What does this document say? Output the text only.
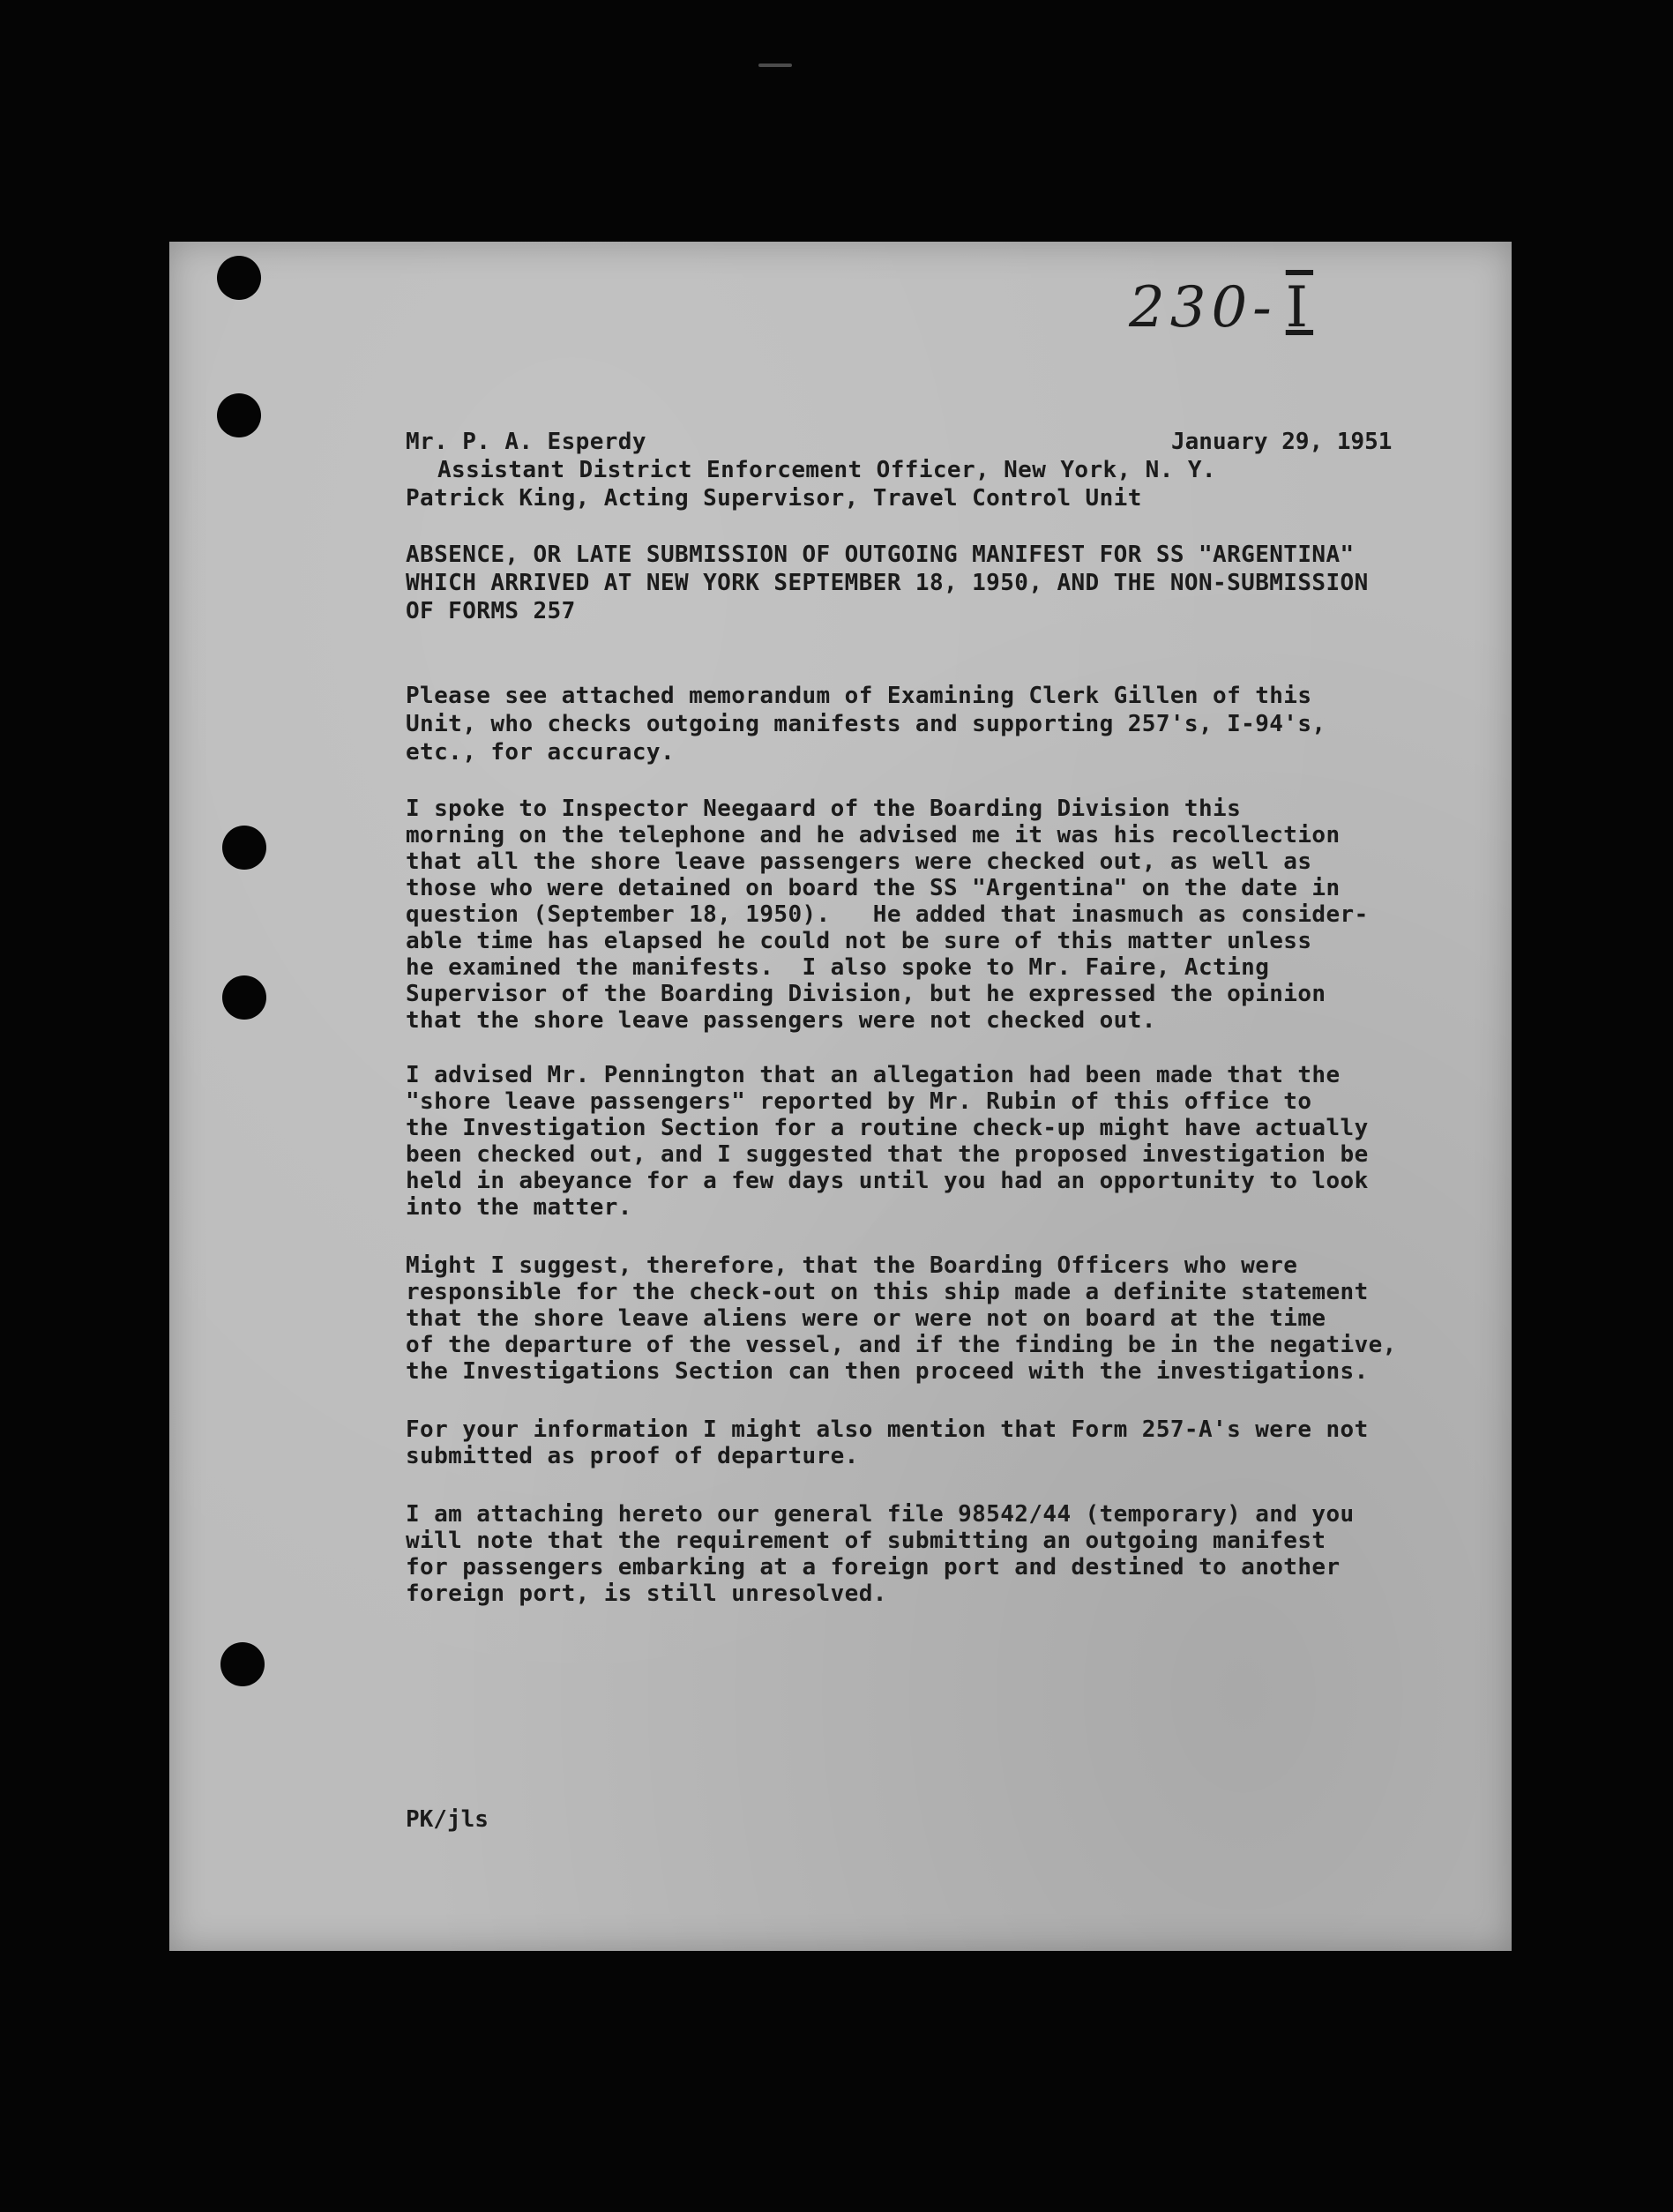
230- I
Mr. P. A. Esperdy	January 29, 1951
Assistant District Enforcement Officer, New York, N. Y.
Patrick King, Acting Supervisor, Travel Control Unit
ABSENCE, OR LATE SUBMISSION OF OUTGOING MANIFEST FOR SS "ARGENTINA"
WHICH ARRIVED AT NEW YORK SEPTEMBER 18, 1950, AND THE NON-SUBMISSION
OF FORMS 257
Please see attached memorandum of Examining Clerk Gillen of this
Unit, who checks outgoing manifests and supporting 257's, I-94's,
etc., for accuracy.
I spoke to Inspector Neegaard of the Boarding Division this
morning on the telephone and he advised me it was his recollection
that all the shore leave passengers were checked out, as well as
those who were detained on board the SS "Argentina" on the date in
question (September 18, 1950).   He added that inasmuch as consider-
able time has elapsed he could not be sure of this matter unless
he examined the manifests.  I also spoke to Mr. Faire, Acting
Supervisor of the Boarding Division, but he expressed the opinion
that the shore leave passengers were not checked out.
I advised Mr. Pennington that an allegation had been made that the
"shore leave passengers" reported by Mr. Rubin of this office to
the Investigation Section for a routine check-up might have actually
been checked out, and I suggested that the proposed investigation be
held in abeyance for a few days until you had an opportunity to look
into the matter.
Might I suggest, therefore, that the Boarding Officers who were
responsible for the check-out on this ship made a definite statement
that the shore leave aliens were or were not on board at the time
of the departure of the vessel, and if the finding be in the negative,
the Investigations Section can then proceed with the investigations.
For your information I might also mention that Form 257-A's were not
submitted as proof of departure.
I am attaching hereto our general file 98542/44 (temporary) and you
will note that the requirement of submitting an outgoing manifest
for passengers embarking at a foreign port and destined to another
foreign port, is still unresolved.
PK/jls
